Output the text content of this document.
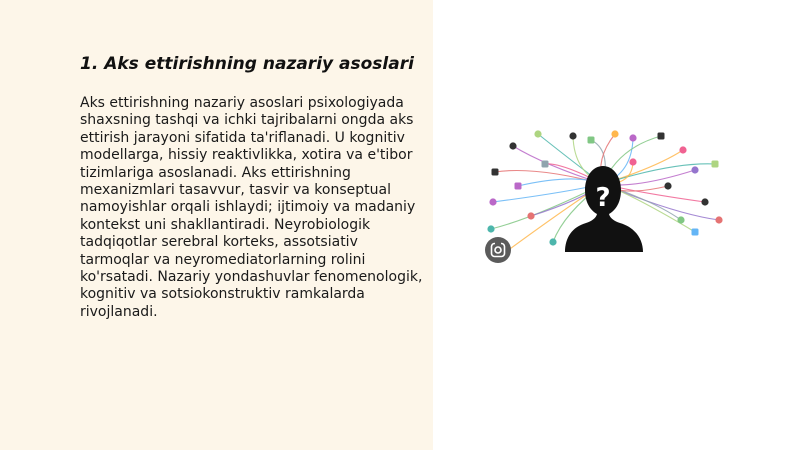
1. Aks ettirishning nazariy asoslari

Aks ettirishning nazariy asoslari psixologiyada shaxsning tashqi va ichki tajribalarni ongda aks ettirish jarayoni sifatida ta'riflanadi. U kognitiv modellarga, hissiy reaktivlikka, xotira va e'tibor tizimlariga asoslanadi. Aks ettirishning mexanizmlari tasavvur, tasvir va konseptual namoyishlar orqali ishlaydi; ijtimoiy va madaniy kontekst uni shakllantiradi. Neyrobiologik tadqiqotlar serebral korteks, assotsiativ tarmoqlar va neyromediatorlarning rolini ko'rsatadi. Nazariy yondashuvlar fenomenologik, kognitiv va sotsiokonstruktiv ramkalarda rivojlanadi.

?
